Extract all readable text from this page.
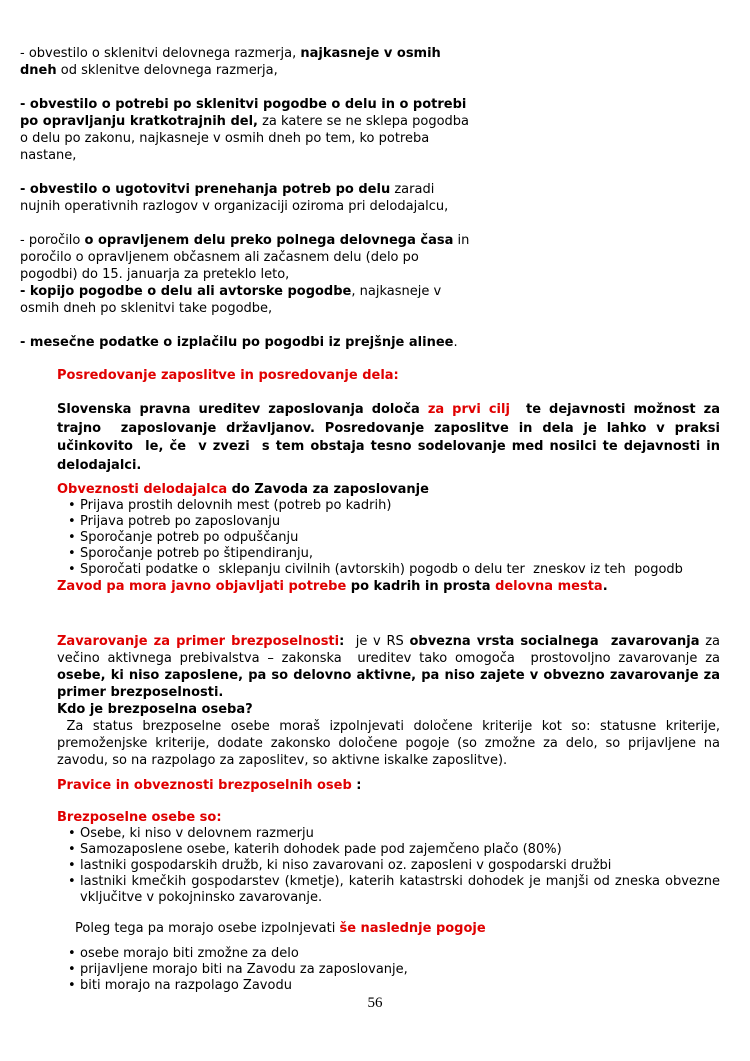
- obvestilo o sklenitvi delovnega razmerja, najkasneje v osmih dneh od sklenitve delovnega razmerja,

- obvestilo o potrebi po sklenitvi pogodbe o delu in o potrebi po opravljanju kratkotrajnih del, za katere se ne sklepa pogodba o delu po zakonu, najkasneje v osmih dneh po tem, ko potreba nastane,

- obvestilo o ugotovitvi prenehanja potreb po delu zaradi nujnih operativnih razlogov v organizaciji oziroma pri delodajalcu,

- poročilo o opravljenem delu preko polnega delovnega časa in poročilo o opravljenem občasnem ali začasnem delu (delo po pogodbi) do 15. januarja za preteklo leto,
- kopijo pogodbe o delu ali avtorske pogodbe, najkasneje v osmih dneh po sklenitvi take pogodbe,

- mesečne podatke o izplačilu po pogodbi iz prejšnje alinee.

Posredovanje zaposlitve in posredovanje dela:

Slovenska pravna ureditev zaposlovanja določa za prvi cilj  te dejavnosti možnost za trajno  zaposlovanje državljanov. Posredovanje zaposlitve in dela je lahko v praksi učinkovito  le, če  v zvezi  s tem obstaja tesno sodelovanje med nosilci te dejavnosti in delodajalci.

Obveznosti delodajalca do Zavoda za zaposlovanje

• Prijava prostih delovnih mest (potreb po kadrih)
• Prijava potreb po zaposlovanju
• Sporočanje potreb po odpuščanju
• Sporočanje potreb po štipendiranju,
• Sporočati podatke o  sklepanju civilnih (avtorskih) pogodb o delu ter  zneskov iz teh  pogodb

Zavod pa mora javno objavljati potrebe po kadrih in prosta delovna mesta.

Zavarovanje za primer brezposelnosti:  je v RS obvezna vrsta socialnega  zavarovanja za večino aktivnega prebivalstva – zakonska  ureditev tako omogoča  prostovoljno zavarovanje za osebe, ki niso zaposlene, pa so delovno aktivne, pa niso zajete v obvezno zavarovanje za primer brezposelnosti.
Kdo je brezposelna oseba?
Za status brezposelne osebe moraš izpolnjevati določene kriterije kot so: statusne kriterije, premoženjske kriterije, dodate zakonsko določene pogoje (so zmožne za delo, so prijavljene na zavodu, so na razpolago za zaposlitev, so aktivne iskalke zaposlitve).

Pravice in obveznosti brezposelnih oseb :

Brezposelne osebe so:

• Osebe, ki niso v delovnem razmerju
• Samozaposlene osebe, katerih dohodek pade pod zajemčeno plačo (80%)
• lastniki gospodarskih družb, ki niso zavarovani oz. zaposleni v gospodarski družbi
• lastniki kmečkih gospodarstev (kmetje), katerih katastrski dohodek je manjši od zneska obvezne vključitve v pokojninsko zavarovanje.

Poleg tega pa morajo osebe izpolnjevati še naslednje pogoje

• osebe morajo biti zmožne za delo
• prijavljene morajo biti na Zavodu za zaposlovanje,
• biti morajo na razpolago Zavodu
56
